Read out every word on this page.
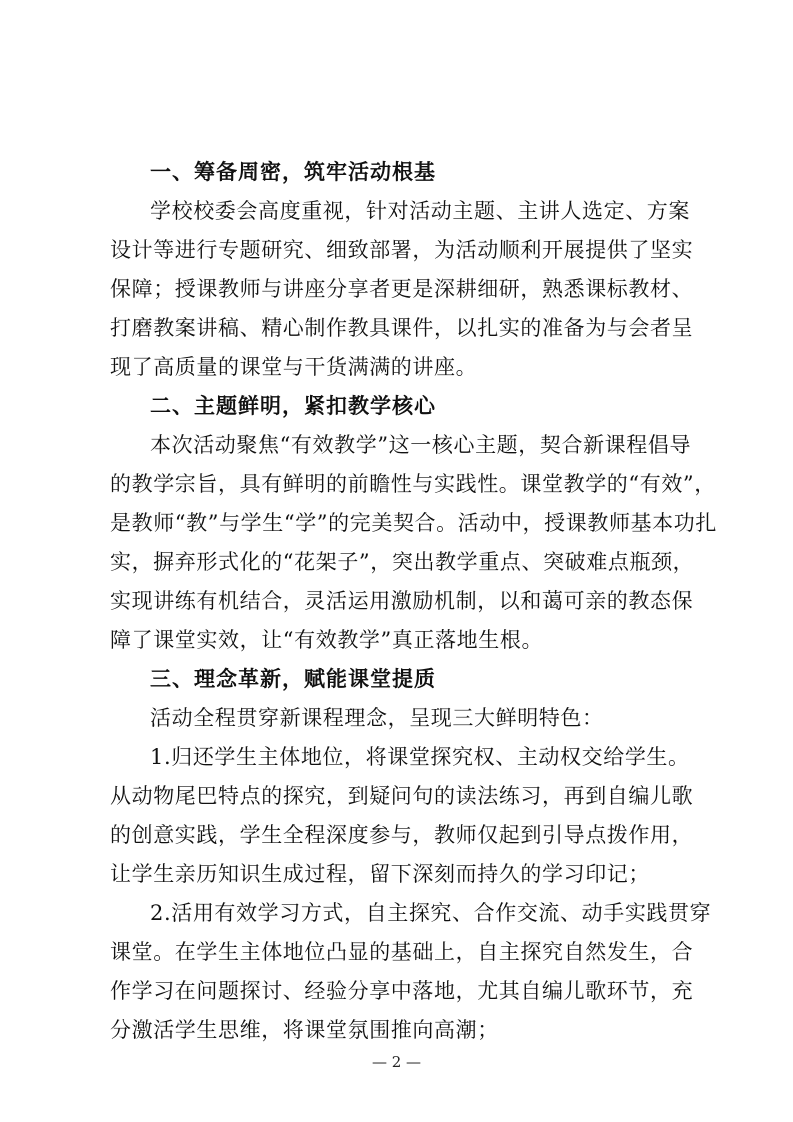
一、筹备周密，筑牢活动根基
学校校委会高度重视，针对活动主题、主讲人选定、方案
设计等进行专题研究、细致部署，为活动顺利开展提供了坚实
保障；授课教师与讲座分享者更是深耕细研，熟悉课标教材、
打磨教案讲稿、精心制作教具课件，以扎实的准备为与会者呈
现了高质量的课堂与干货满满的讲座。
二、主题鲜明，紧扣教学核心
本次活动聚焦“有效教学”这一核心主题，契合新课程倡导
的教学宗旨，具有鲜明的前瞻性与实践性。课堂教学的“有效”，
是教师“教”与学生“学”的完美契合。活动中，授课教师基本功扎
实，摒弃形式化的“花架子”，突出教学重点、突破难点瓶颈，
实现讲练有机结合，灵活运用激励机制，以和蔼可亲的教态保
障了课堂实效，让“有效教学”真正落地生根。
三、理念革新，赋能课堂提质
活动全程贯穿新课程理念，呈现三大鲜明特色：
1.归还学生主体地位，将课堂探究权、主动权交给学生。
从动物尾巴特点的探究，到疑问句的读法练习，再到自编儿歌
的创意实践，学生全程深度参与，教师仅起到引导点拨作用，
让学生亲历知识生成过程，留下深刻而持久的学习印记；
2.活用有效学习方式，自主探究、合作交流、动手实践贯穿
课堂。在学生主体地位凸显的基础上，自主探究自然发生，合
作学习在问题探讨、经验分享中落地，尤其自编儿歌环节，充
分激活学生思维，将课堂氛围推向高潮；
— 2 —
